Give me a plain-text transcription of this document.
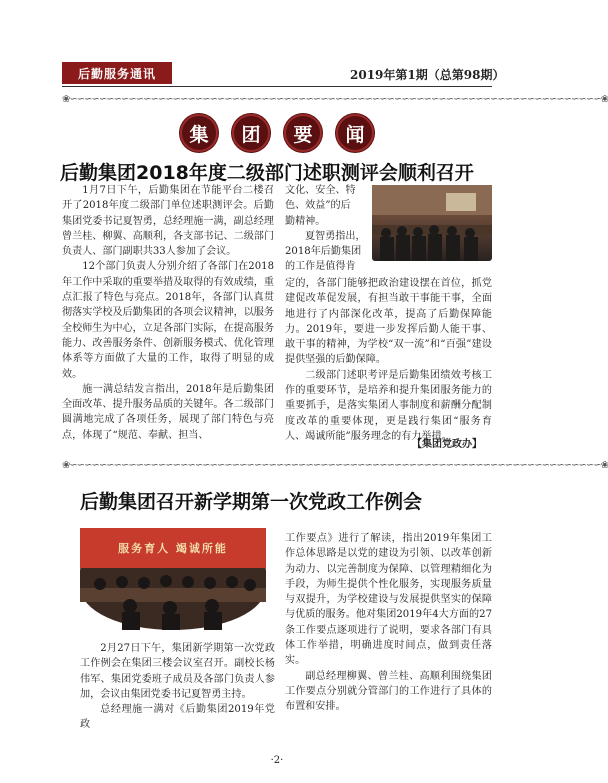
后勤服务通讯	2019年第1期（总第98期）
❀∽∽∽∽∽∽∽∽∽∽∽∽∽∽∽∽∽∽∽∽∽∽∽∽∽∽∽∽∽∽∽∽∽∽∽∽∽∽∽∽∽∽∽∽∽∽∽∽∽∽∽∽∽∽∽∽∽∽∽∽∽∽∽∽∽∽∽∽∽∽∽∽❀
集	团	要	闻
后勤集团2018年度二级部门述职测评会顺利召开

1月7日下午，后勤集团在节能平台二楼召开了2018年度二级部门单位述职测评会。后勤集团党委书记夏智勇，总经理施一满，副总经理曾兰桂、柳翼、高顺利，各支部书记、二级部门负责人、部门副职共33人参加了会议。

12个部门负责人分别介绍了各部门在2018年工作中采取的重要举措及取得的有效成绩，重点汇报了特色与亮点。2018年，各部门认真贯彻落实学校及后勤集团的各项会议精神，以服务全校师生为中心，立足各部门实际，在提高服务能力、改善服务条件、创新服务模式、优化管理体系等方面做了大量的工作，取得了明显的成效。

施一满总结发言指出，2018年是后勤集团全面改革、提升服务品质的关键年。各二级部门圆满地完成了各项任务，展现了部门特色与亮点，体现了“规范、奉献、担当、

文化、安全、特
色、效益”的后
勤精神。
夏智勇指出，
2018年后勤集团
的工作是值得肯

定的，各部门能够把政治建设摆在首位，抓党建促改革促发展，有担当敢干事能干事，全面地进行了内部深化改革，提高了后勤保障能力。2019年，要进一步发挥后勤人能干事、敢干事的精神，为学校“双一流”和“百强”建设提供坚强的后勤保障。

二级部门述职考评是后勤集团绩效考核工作的重要环节，是培养和提升集团服务能力的重要抓手，是落实集团人事制度和薪酬分配制度改革的重要体现，更是践行集团“服务育人、竭诚所能”服务理念的有力举措。

【集团党政办】
❀∽∽∽∽∽∽∽∽∽∽∽∽∽∽∽∽∽∽∽∽∽∽∽∽∽∽∽∽∽∽∽∽∽∽∽∽∽∽∽∽∽∽∽∽∽∽∽∽∽∽∽∽∽∽∽∽∽∽∽∽∽∽∽∽∽∽∽∽∽∽∽∽❀
后勤集团召开新学期第一次党政工作例会
服务育人 竭诚所能

2月27日下午，集团新学期第一次党政工作例会在集团三楼会议室召开。副校长杨伟军、集团党委班子成员及各部门负责人参加，会议由集团党委书记夏智勇主持。

总经理施一满对《后勤集团2019年党政

工作要点》进行了解读，指出2019年集团工作总体思路是以党的建设为引领、以改革创新为动力、以完善制度为保障、以管理精细化为手段，为师生提供个性化服务，实现服务质量与双提升，为学校建设与发展提供坚实的保障与优质的服务。他对集团2019年4大方面的27条工作要点逐项进行了说明，要求各部门有具体工作举措，明确进度时间点，做到责任落实。

副总经理柳翼、曾兰桂、高顺利围绕集团工作要点分别就分管部门的工作进行了具体的布置和安排。

·2·
